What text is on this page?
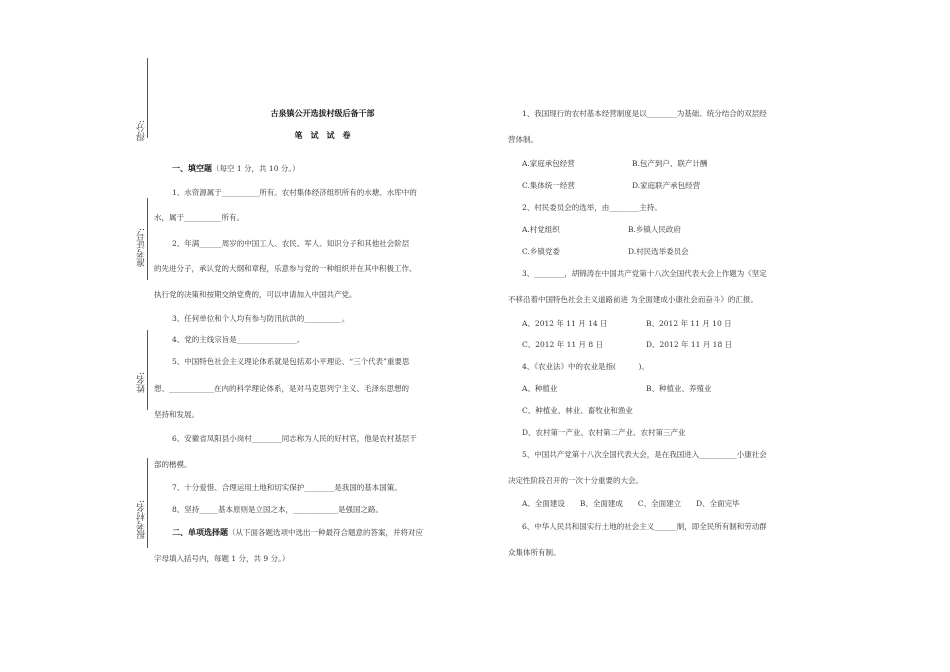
得分:
准考证号:
姓名:
报考村名:
古泉镇公开选拔村级后备干部
笔　试　试　卷
一、填空题（每空 1 分，共 10 分。）
1、水资源属于__________所有。农村集体经济组织所有的水塘、水库中的
水，属于__________所有。
2、年满______周岁的中国工人、农民、军人、知识分子和其他社会阶层
的先进分子，承认党的大纲和章程，乐意参与党的一种组织并在其中积极工作、
执行党的决策和按期交纳党费的，可以申请加入中国共产党。
3、任何单位和个人均有参与防汛抗洪的__________。
4、党的主线宗旨是________________。
5、中国特色社会主义理论体系就是包括邓小平理论、“三个代表”重要思
想、____________在内的科学理论体系，是对马克思列宁主义、毛泽东思想的
坚持和发展。
6、安徽省凤阳县小岗村________同志称为人民的好村官，他是农村基层干
部的楷模。
7、十分爱惜、合理运用土地和切实保护________是我国的基本国策。
8、坚持_____基本原则是立国之本，____________是强国之路。
二、单项选择题（从下面各题选项中选出一种最符合题意的答案，并将对应
字母填入括号内，每题 1 分，共 9 分。）
1、我国现行的农村基本经营制度是以________为基础、统分结合的双层经
营体制。
A.家庭承包经营	B.包产到户、联产计酬
C.集体统一经营	D.家庭联产承包经营
2、村民委员会的选举，由________主持。
A.村党组织	B.乡镇人民政府
C.乡镇党委	D.村民选举委员会
3、________，胡锦涛在中国共产党第十八次全国代表大会上作题为《坚定
不移沿着中国特色社会主义道路前进 为全面建成小康社会而奋斗》的汇报。
A、2012 年 11 月 14 日	B、2012 年 11 月 10 日
C、2012 年 11 月 8 日	D、2012 年 11 月 18 日
4、《农业法》中的农业是指(　　　)。
A、种植业	B、种植业、养殖业
C、种植业、林业、畜牧业和渔业
D、农村第一产业、农村第二产业、农村第三产业
5、中国共产党第十八次全国代表大会，是在我国进入__________小康社会
决定性阶段召开的一次十分重要的大会。
A、全面建设　　B、全面建成　　C、全面建立　　D、全面完毕
6、中华人民共和国实行土地的社会主义______制，即全民所有制和劳动群
众集体所有制。
